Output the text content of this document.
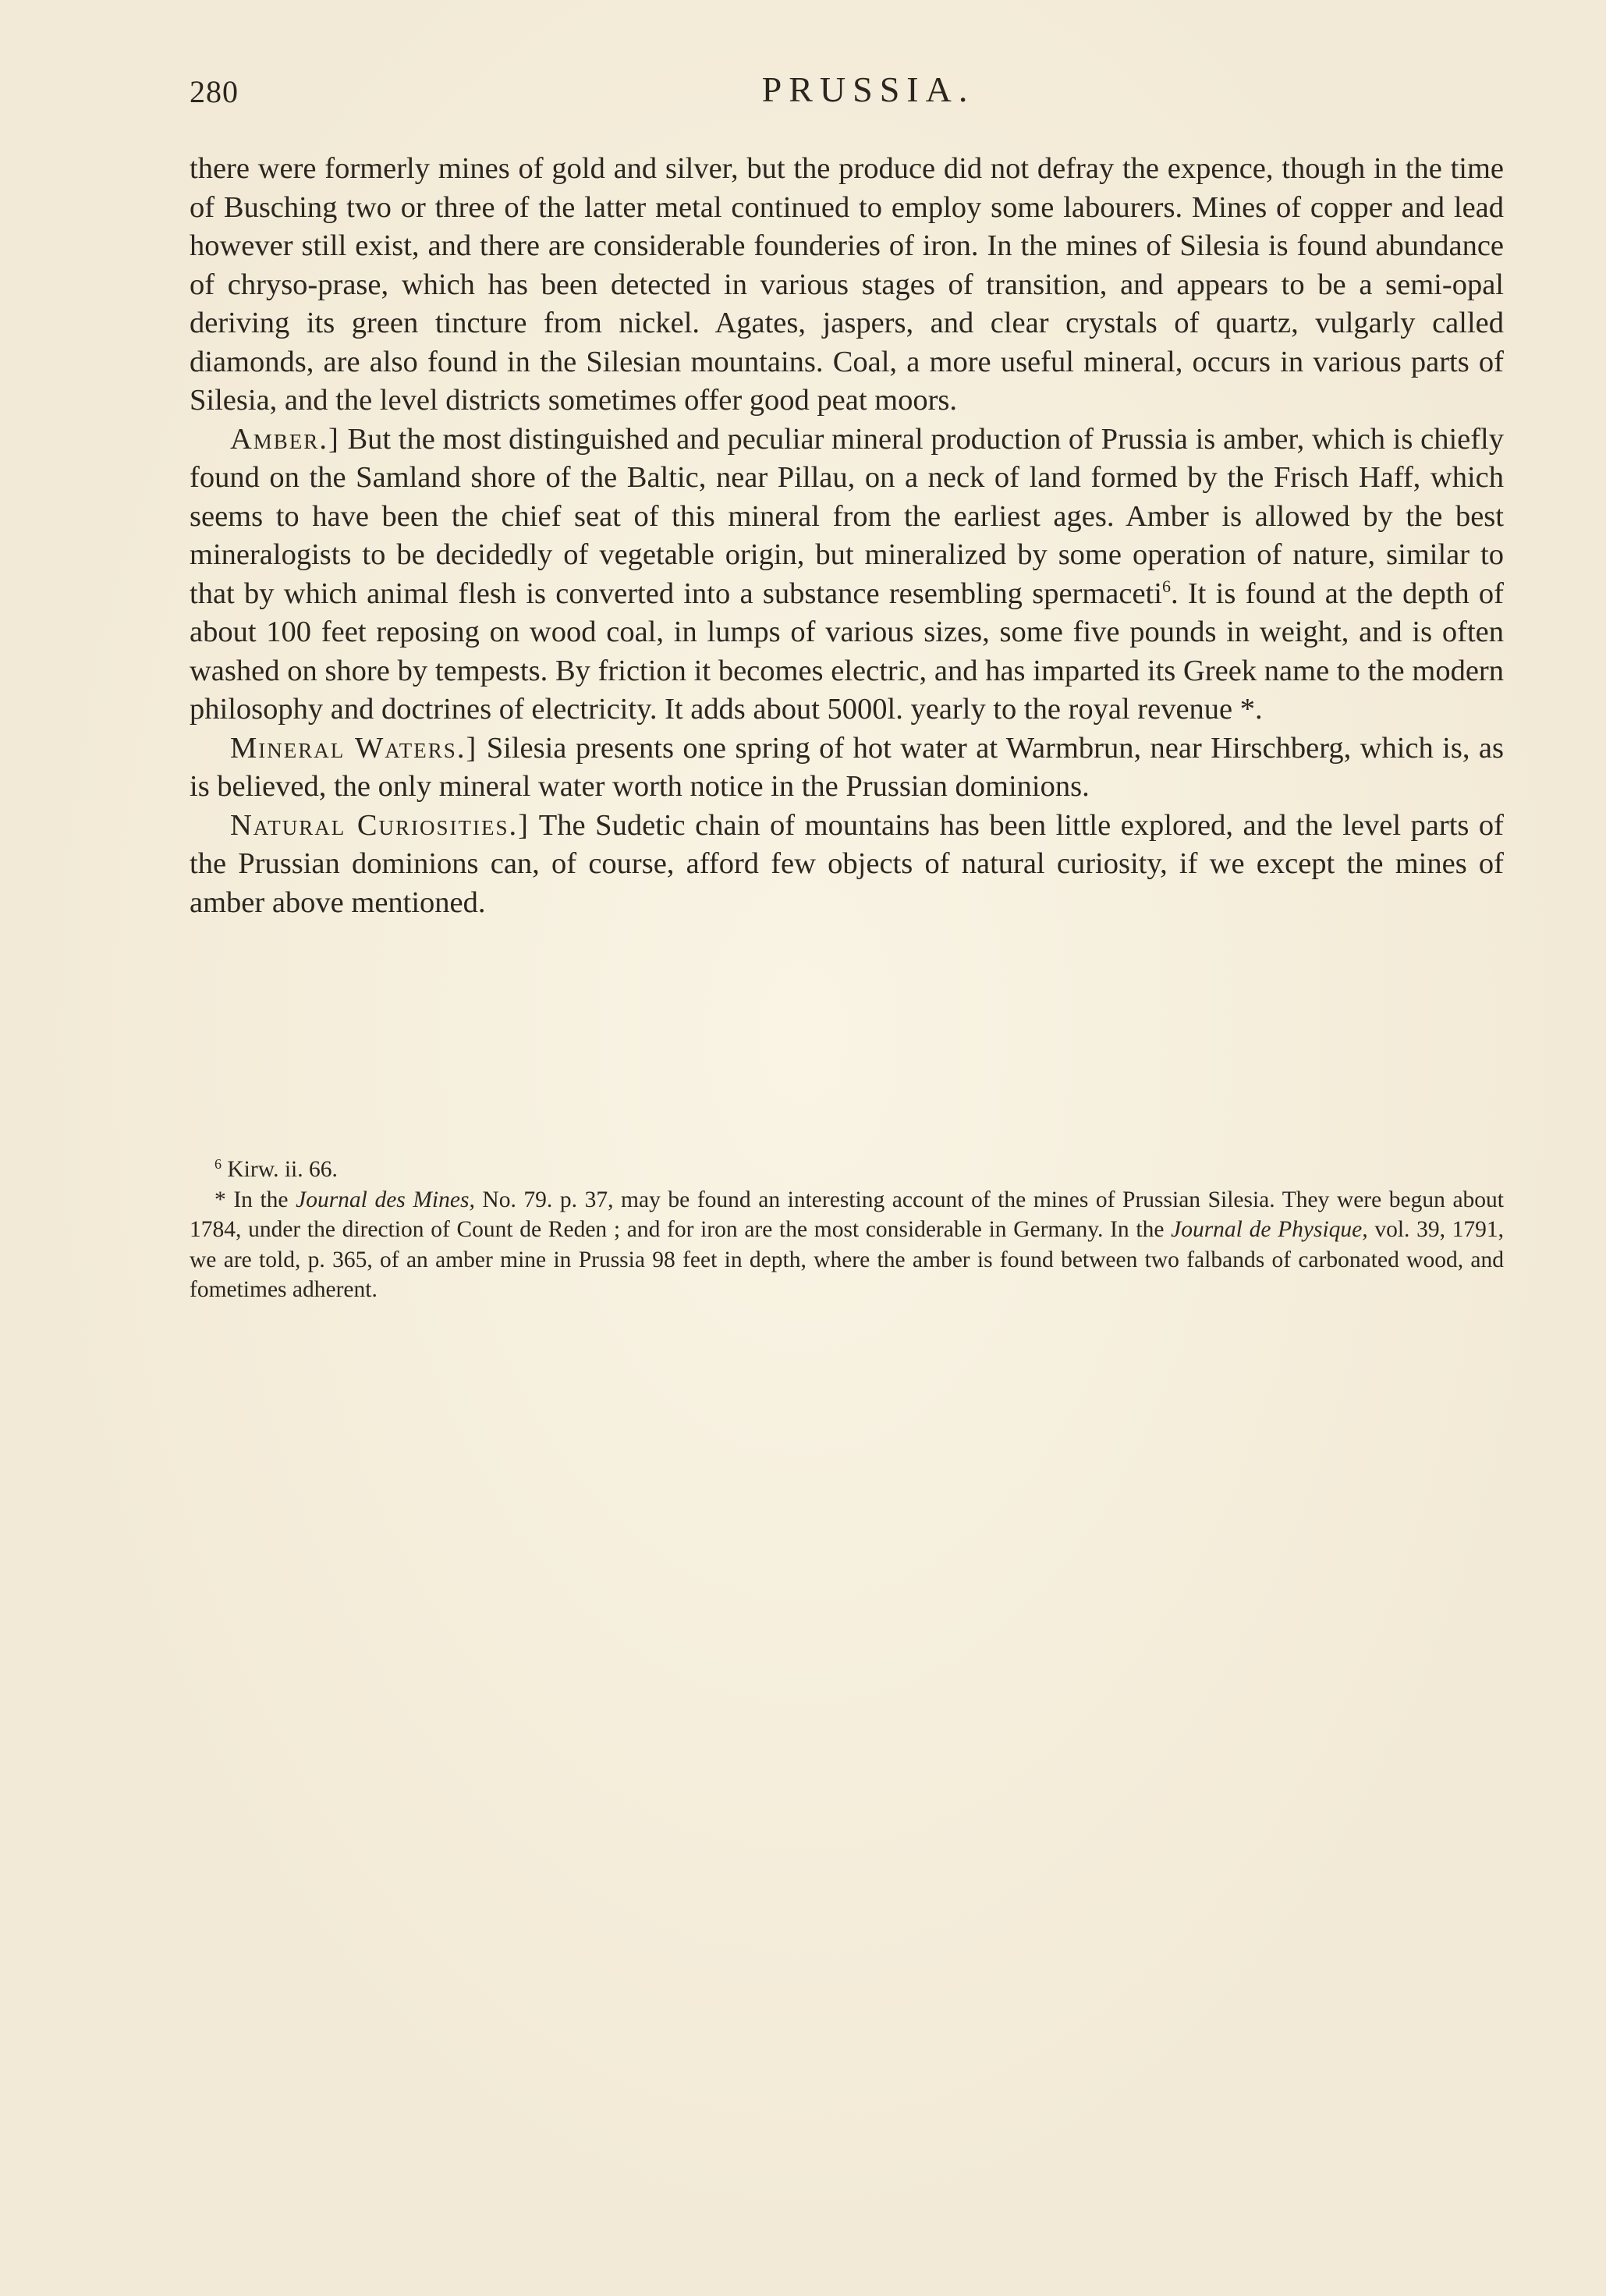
280	PRUSSIA.

there were formerly mines of gold and silver, but the produce did not defray the expence, though in the time of Busching two or three of the latter metal continued to employ some labourers. Mines of copper and lead however still exist, and there are considerable founderies of iron. In the mines of Silesia is found abundance of chryso-prase, which has been detected in various stages of transition, and appears to be a semi-opal deriving its green tincture from nickel. Agates, jaspers, and clear crystals of quartz, vulgarly called diamonds, are also found in the Silesian mountains. Coal, a more useful mineral, occurs in various parts of Silesia, and the level districts sometimes offer good peat moors.

Amber.] But the most distinguished and peculiar mineral production of Prussia is amber, which is chiefly found on the Samland shore of the Baltic, near Pillau, on a neck of land formed by the Frisch Haff, which seems to have been the chief seat of this mineral from the earliest ages. Amber is allowed by the best mineralogists to be decidedly of vegetable origin, but mineralized by some operation of nature, similar to that by which animal flesh is converted into a substance resembling spermaceti$^6$. It is found at the depth of about 100 feet reposing on wood coal, in lumps of various sizes, some five pounds in weight, and is often washed on shore by tempests. By friction it becomes electric, and has imparted its Greek name to the modern philosophy and doctrines of electricity. It adds about 5000l. yearly to the royal revenue *.

Mineral Waters.] Silesia presents one spring of hot water at Warmbrun, near Hirschberg, which is, as is believed, the only mineral water worth notice in the Prussian dominions.

Natural Curiosities.] The Sudetic chain of mountains has been little explored, and the level parts of the Prussian dominions can, of course, afford few objects of natural curiosity, if we except the mines of amber above mentioned.

$^6$ Kirw. ii. 66.

* In the Journal des Mines, No. 79. p. 37, may be found an interesting account of the mines of Prussian Silesia. They were begun about 1784, under the direction of Count de Reden ; and for iron are the most considerable in Germany. In the Journal de Physique, vol. 39, 1791, we are told, p. 365, of an amber mine in Prussia 98 feet in depth, where the amber is found between two falbands of carbonated wood, and fometimes adherent.
